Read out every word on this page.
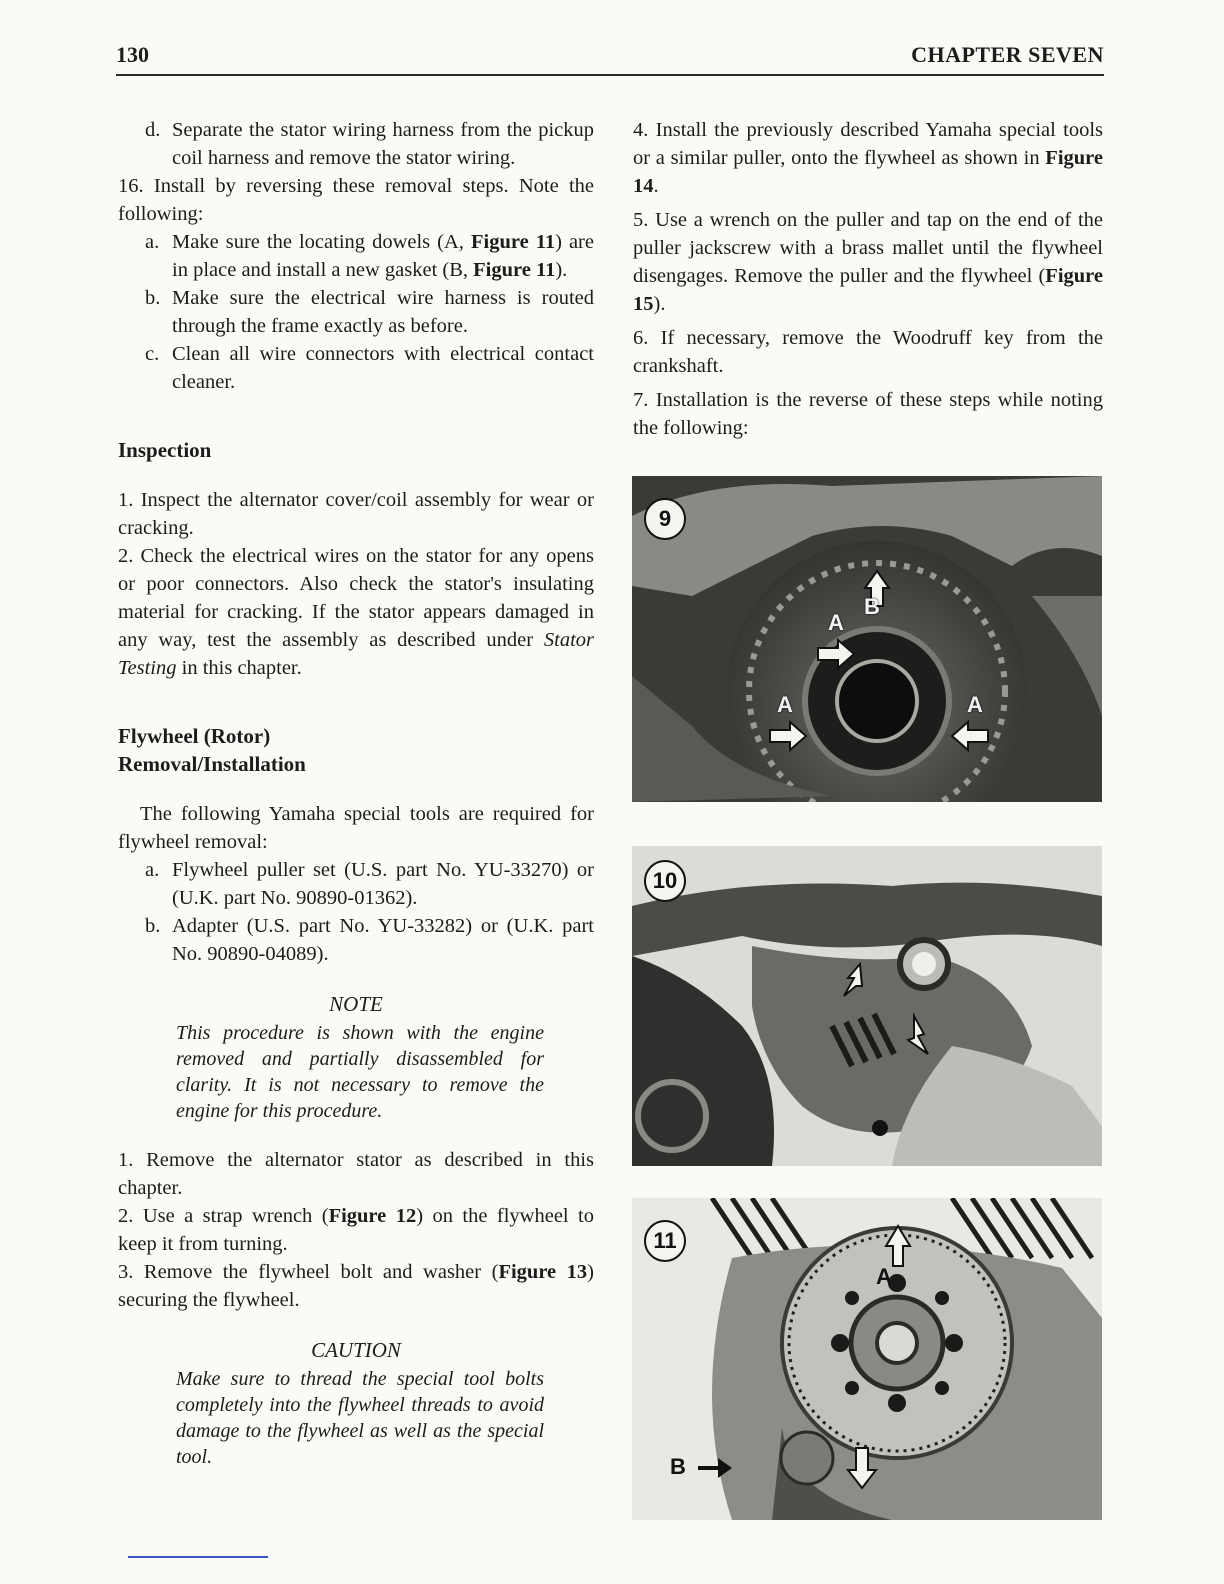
130	CHAPTER SEVEN

d. Separate the stator wiring harness from the pickup coil harness and remove the stator wiring.

16. Install by reversing these removal steps. Note the following:

a. Make sure the locating dowels (A, Figure 11) are in place and install a new gasket (B, Figure 11).

b. Make sure the electrical wire harness is routed through the frame exactly as before.

c. Clean all wire connectors with electrical contact cleaner.

Inspection

1. Inspect the alternator cover/coil assembly for wear or cracking.

2. Check the electrical wires on the stator for any opens or poor connectors. Also check the stator's insulating material for cracking. If the stator appears damaged in any way, test the assembly as described under Stator Testing in this chapter.

Flywheel (Rotor)

Removal/Installation

The following Yamaha special tools are required for flywheel removal:

a. Flywheel puller set (U.S. part No. YU-33270) or (U.K. part No. 90890-01362).

b. Adapter (U.S. part No. YU-33282) or (U.K. part No. 90890-04089).

NOTE

This procedure is shown with the engine removed and partially disassembled for clarity. It is not necessary to remove the engine for this procedure.

1. Remove the alternator stator as described in this chapter.

2. Use a strap wrench (Figure 12) on the flywheel to keep it from turning.

3. Remove the flywheel bolt and washer (Figure 13) securing the flywheel.

CAUTION

Make sure to thread the special tool bolts completely into the flywheel threads to avoid damage to the flywheel as well as the special tool.

4. Install the previously described Yamaha special tools or a similar puller, onto the flywheel as shown in Figure 14.

5. Use a wrench on the puller and tap on the end of the puller jackscrew with a brass mallet until the flywheel disengages. Remove the puller and the flywheel (Figure 15).

6. If necessary, remove the Woodruff key from the crankshaft.

7. Installation is the reverse of these steps while noting the following:

9
B
A
A	A
10
11
A
B
